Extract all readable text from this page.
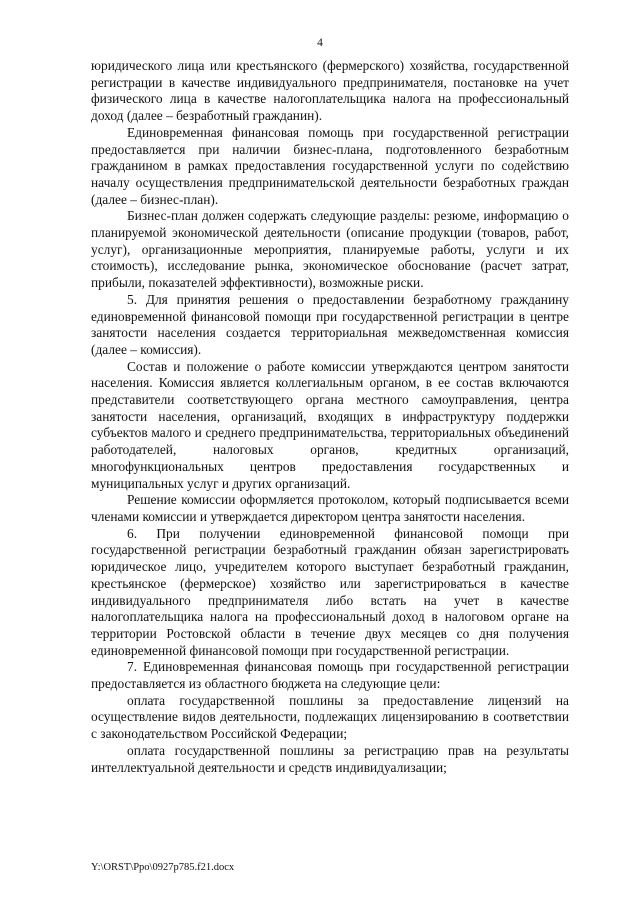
4

юридического лица или крестьянского (фермерского) хозяйства, государственной регистрации в качестве индивидуального предпринимателя, постановке на учет физического лица в качестве налогоплательщика налога на профессиональный доход (далее – безработный гражданин).

Единовременная финансовая помощь при государственной регистрации предоставляется при наличии бизнес-плана, подготовленного безработным гражданином в рамках предоставления государственной услуги по содействию началу осуществления предпринимательской деятельности безработных граждан (далее – бизнес-план).

Бизнес-план должен содержать следующие разделы: резюме, информацию о планируемой экономической деятельности (описание продукции (товаров, работ, услуг), организационные мероприятия, планируемые работы, услуги и их стоимость), исследование рынка, экономическое обоснование (расчет затрат, прибыли, показателей эффективности), возможные риски.

5. Для принятия решения о предоставлении безработному гражданину единовременной финансовой помощи при государственной регистрации в центре занятости населения создается территориальная межведомственная комиссия (далее – комиссия).

Состав и положение о работе комиссии утверждаются центром занятости населения. Комиссия является коллегиальным органом, в ее состав включаются представители соответствующего органа местного самоуправления, центра занятости населения, организаций, входящих в инфраструктуру поддержки субъектов малого и среднего предпринимательства, территориальных объединений работодателей, налоговых органов, кредитных организаций, многофункциональных центров предоставления государственных и муниципальных услуг и других организаций.

Решение комиссии оформляется протоколом, который подписывается всеми членами комиссии и утверждается директором центра занятости населения.

6. При получении единовременной финансовой помощи при государственной регистрации безработный гражданин обязан зарегистрировать юридическое лицо, учредителем которого выступает безработный гражданин, крестьянское (фермерское) хозяйство или зарегистрироваться в качестве индивидуального предпринимателя либо встать на учет в качестве налогоплательщика налога на профессиональный доход в налоговом органе на территории Ростовской области в течение двух месяцев со дня получения единовременной финансовой помощи при государственной регистрации.

7. Единовременная финансовая помощь при государственной регистрации предоставляется из областного бюджета на следующие цели:

оплата государственной пошлины за предоставление лицензий на осуществление видов деятельности, подлежащих лицензированию в соответствии с законодательством Российской Федерации;

оплата государственной пошлины за регистрацию прав на результаты интеллектуальной деятельности и средств индивидуализации;

Y:\ORST\Ppo\0927p785.f21.docx
